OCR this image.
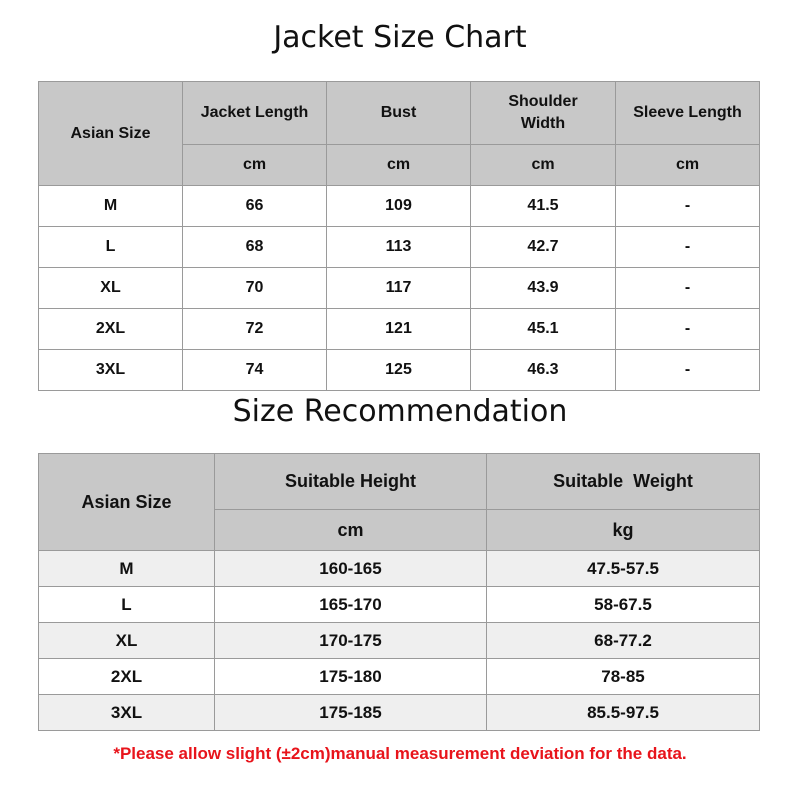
Jacket Size Chart
Asian Size	Jacket Length	Bust	Shoulder Width	Sleeve Length
	cm	cm	cm	cm
M	66	109	41.5	-
L	68	113	42.7	-
XL	70	117	43.9	-
2XL	72	121	45.1	-
3XL	74	125	46.3	-
Size Recommendation
Asian Size	Suitable Height	Suitable  Weight
	cm	kg
M	160-165	47.5-57.5
L	165-170	58-67.5
XL	170-175	68-77.2
2XL	175-180	78-85
3XL	175-185	85.5-97.5
*Please allow slight (±2cm)manual measurement deviation for the data.
